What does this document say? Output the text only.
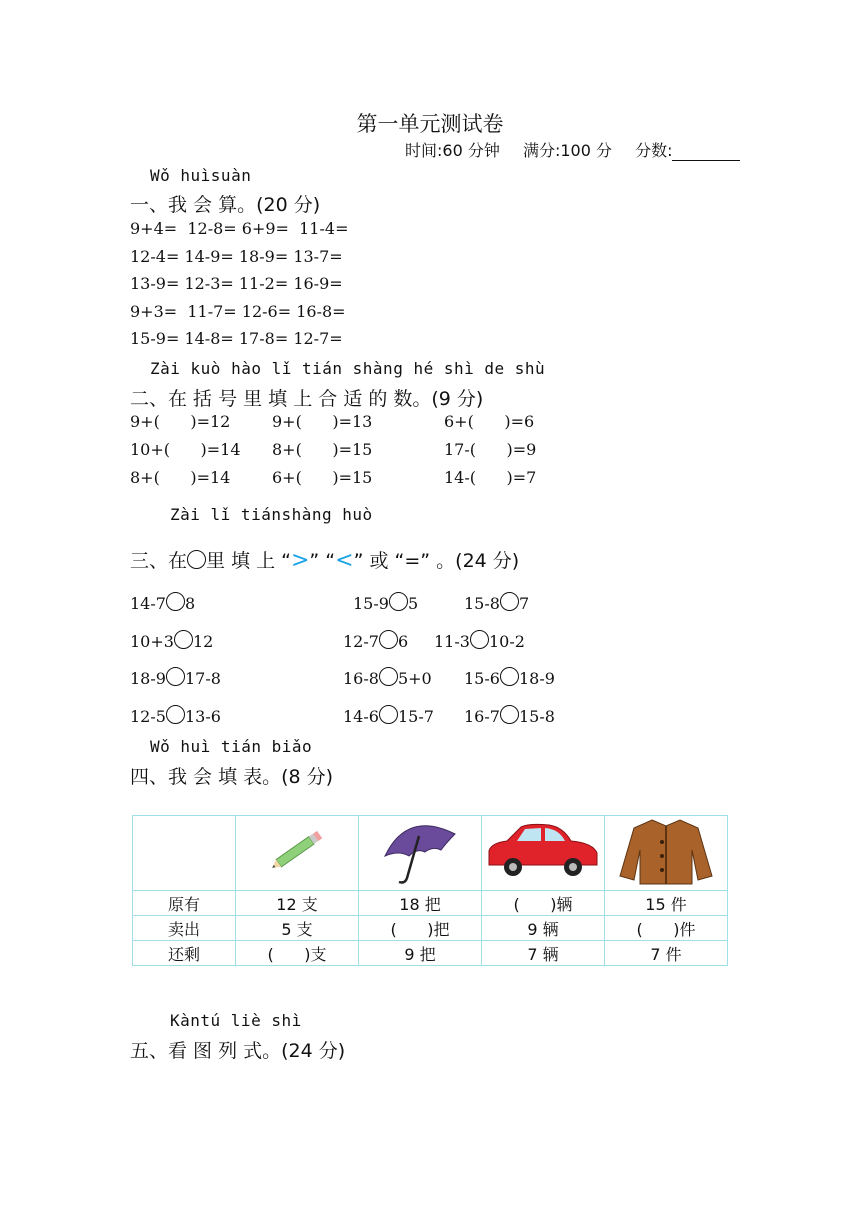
第一单元测试卷
时间:60 分钟 满分:100 分 分数:
Wǒ huìsuàn
一、我 会 算。(20 分)
9+4=  12-8= 6+9=  11-4=
12-4= 14-9= 18-9= 13-7=
13-9= 12-3= 11-2= 16-9=
9+3=  11-7= 12-6= 16-8=
15-9= 14-8= 17-8= 12-7=
Zài kuò hào lǐ tián shàng hé shì de shù
二、在 括 号 里 填 上 合 适 的 数。(9 分)
9+(      )=12	9+(      )=13	6+(      )=6
10+(      )=14 8+(      )=15	17-(      )=9
8+(      )=14	6+(      )=15	14-(      )=7
Zài lǐ tiánshàng huò
三、在 里 填 上 “>” “<” 或 “=” 。(24 分)
14-7 8	15-9 5	15-8 7
10+3 12	12-7 6 11-3 10-2
18-9 17-8	16-8 5+0 15-6 18-9
12-5 13-6	14-6 15-7 16-7 15-8
Wǒ huì tián biǎo
四、我 会 填 表。(8 分)

原有	12 支	18 把	(      )辆	15 件
卖出	5 支	(      )把	9 辆	(      )件
还剩	(      )支	9 把	7 辆	7 件
Kàntú liè shì
五、看 图 列 式。(24 分)
